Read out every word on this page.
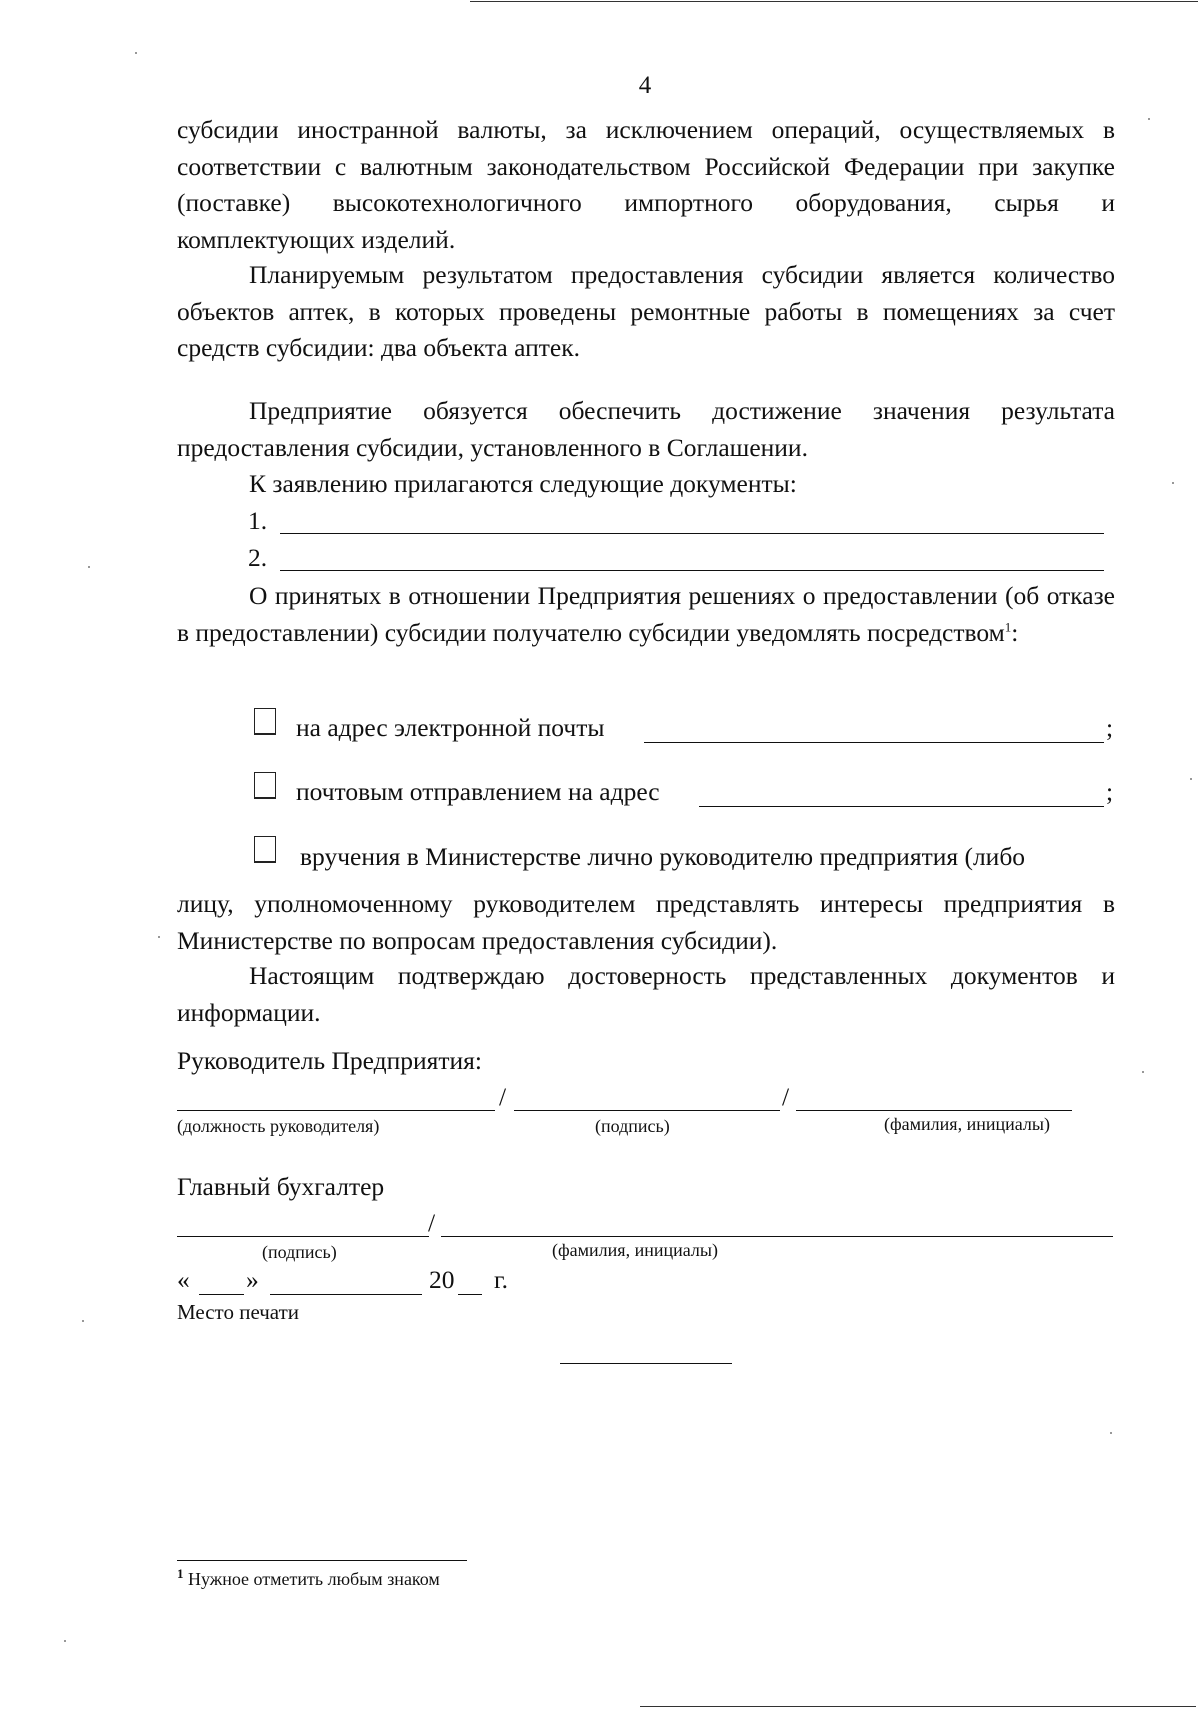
4

субсидии иностранной валюты, за исключением операций, осуществляемых в соответствии с валютным законодательством Российской Федерации при закупке (поставке) высокотехнологичного импортного оборудования, сырья и комплектующих изделий.

Планируемым результатом предоставления субсидии является количество объектов аптек, в которых проведены ремонтные работы в помещениях за счет средств субсидии: два объекта аптек.

Предприятие обязуется обеспечить достижение значения результата предоставления субсидии, установленного в Соглашении.

К заявлению прилагаются следующие документы:

1.
2.

О принятых в отношении Предприятия решениях о предоставлении (об отказе в предоставлении) субсидии получателю субсидии уведомлять посредством$^1$:

на адрес электронной почты	;
почтовым отправлением на адрес	;
вручения в Министерстве лично руководителю предприятия (либо

лицу, уполномоченному руководителем представлять интересы предприятия в Министерстве по вопросам предоставления субсидии).

Настоящим подтверждаю достоверность представленных документов и информации.

Руководитель Предприятия:
/	/
(должность руководителя)	(подпись)	(фамилия, инициалы)
Главный бухгалтер
/
(подпись)	(фамилия, инициалы)
« »	20 г.
Место печати
$^1$ Нужное отметить любым знаком
